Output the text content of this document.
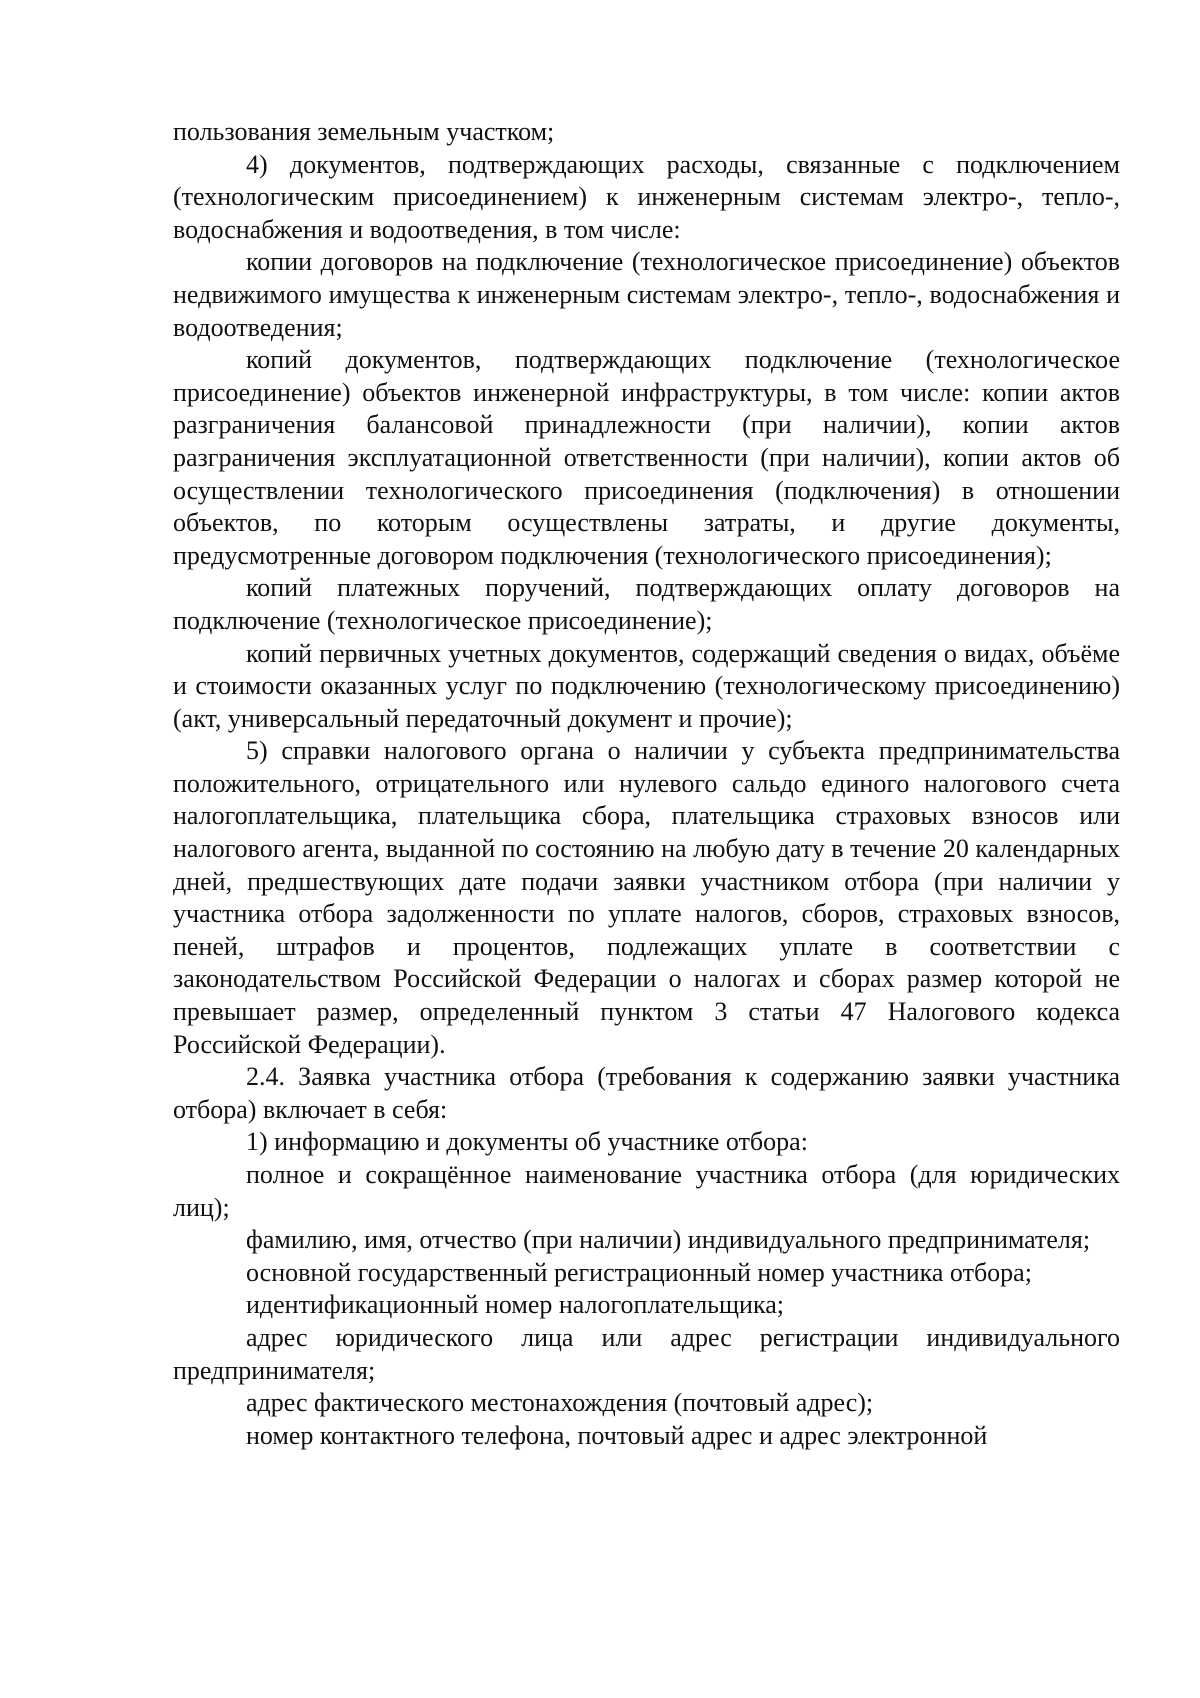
пользования земельным участком;

4) документов, подтверждающих расходы, связанные с подключением (технологическим присоединением) к инженерным системам электро-, тепло-, водоснабжения и водоотведения, в том числе:

копии договоров на подключение (технологическое присоединение) объектов недвижимого имущества к инженерным системам электро-, тепло-, водоснабжения и водоотведения;

копий документов, подтверждающих подключение (технологическое присоединение) объектов инженерной инфраструктуры, в том числе: копии актов разграничения балансовой принадлежности (при наличии), копии актов разграничения эксплуатационной ответственности (при наличии), копии актов об осуществлении технологического присоединения (подключения) в отношении объектов, по которым осуществлены затраты, и другие документы, предусмотренные договором подключения (технологического присоединения);

копий платежных поручений, подтверждающих оплату договоров на подключение (технологическое присоединение);

копий первичных учетных документов, содержащий сведения о видах, объёме и стоимости оказанных услуг по подключению (технологическому присоединению) (акт, универсальный передаточный документ и прочие);

5) справки налогового органа о наличии у субъекта предпринимательства положительного, отрицательного или нулевого сальдо единого налогового счета налогоплательщика, плательщика сбора, плательщика страховых взносов или налогового агента, выданной по состоянию на любую дату в течение 20 календарных дней, предшествующих дате подачи заявки участником отбора (при наличии у участника отбора задолженности по уплате налогов, сборов, страховых взносов, пеней, штрафов и процентов, подлежащих уплате в соответствии с законодательством Российской Федерации о налогах и сборах размер которой не превышает размер, определенный пунктом 3 статьи 47 Налогового кодекса Российской Федерации).

2.4. Заявка участника отбора (требования к содержанию заявки участника отбора) включает в себя:

1) информацию и документы об участнике отбора:

полное и сокращённое наименование участника отбора (для юридических лиц);

фамилию, имя, отчество (при наличии) индивидуального предпринимателя;

основной государственный регистрационный номер участника отбора;

идентификационный номер налогоплательщика;

адрес юридического лица или адрес регистрации индивидуального предпринимателя;

адрес фактического местонахождения (почтовый адрес);

номер контактного телефона, почтовый адрес и адрес электронной
